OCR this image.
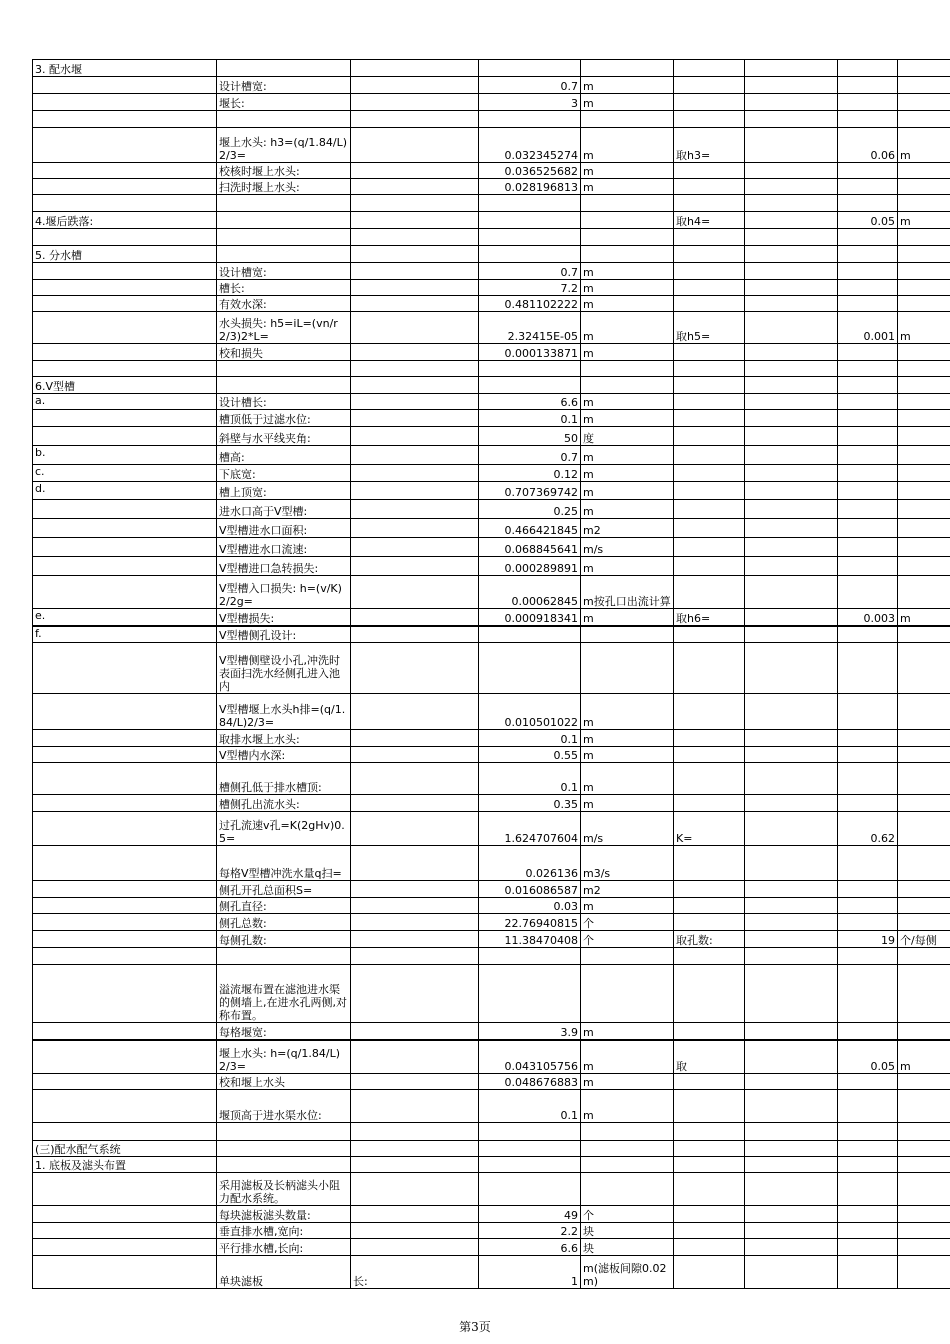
3. 配水堰								
	设计槽宽:		0.7	m				
	堰长:		3	m				

	堰上水头: h3=(q/1.84/L)2/3=		0.032345274	m	取h3=		0.06	m
	校核时堰上水头:		0.036525682	m				
	扫洗时堰上水头:		0.028196813	m				

4.堰后跌落:					取h4=		0.05	m

5. 分水槽								
	设计槽宽:		0.7	m				
	槽长:		7.2	m				
	有效水深:		0.481102222	m				
	水头损失: h5=iL=(vn/r2/3)2*L=		2.32415E-05	m	取h5=		0.001	m
	校和损失		0.000133871	m				

6.V型槽								
a.	设计槽长:		6.6	m				
	槽顶低于过滤水位:		0.1	m				
	斜壁与水平线夹角:		50	度				
b.	槽高:		0.7	m				
c.	下底宽:		0.12	m				
d.	槽上顶宽:		0.707369742	m				
	进水口高于V型槽:		0.25	m				
	V型槽进水口面积:		0.466421845	m2				
	V型槽进水口流速:		0.068845641	m/s				
	V型槽进口急转损失:		0.000289891	m				
	V型槽入口损失: h=(v/K)2/2g=		0.00062845	m按孔口出流计算				
e.	V型槽损失:		0.000918341	m	取h6=		0.003	m
f.	V型槽侧孔设计:							
	V型槽侧壁设小孔,冲洗时表面扫洗水经侧孔进入池内							
	V型槽堰上水头h排=(q/1.84/L)2/3=		0.010501022	m				
	取排水堰上水头:		0.1	m				
	V型槽内水深:		0.55	m				
	槽侧孔低于排水槽顶:		0.1	m				
	槽侧孔出流水头:		0.35	m				
	过孔流速v孔=K(2gHv)0.5=		1.624707604	m/s	K=		0.62	
	每格V型槽冲洗水量q扫=		0.026136	m3/s				
	侧孔开孔总面积S=		0.016086587	m2				
	侧孔直径:		0.03	m				
	侧孔总数:		22.76940815	个				
	每侧孔数:		11.38470408	个	取孔数:		19	个/每侧

	溢流堰布置在滤池进水渠的侧墙上,在进水孔两侧,对称布置。							
	每格堰宽:		3.9	m				
	堰上水头: h=(q/1.84/L)2/3=		0.043105756	m	取		0.05	m
	校和堰上水头		0.048676883	m				
	堰顶高于进水渠水位:		0.1	m				

(三)配水配气系统								
1. 底板及滤头布置								
	采用滤板及长柄滤头小阻力配水系统。							
	每块滤板滤头数量:		49	个				
	垂直排水槽,宽向:		2.2	块				
	平行排水槽,长向:		6.6	块				
	单块滤板	长:	1	m(滤板间隙0.02m)				
第3页
